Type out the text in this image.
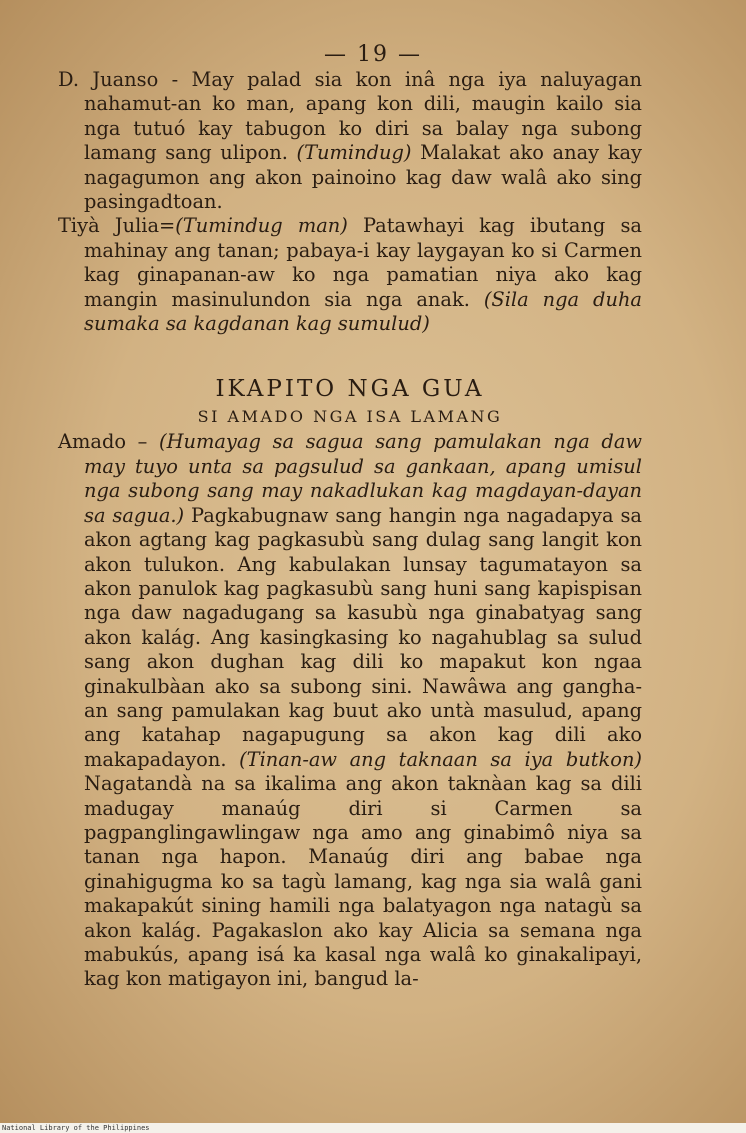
— 19 —

D. Juanso - May palad sia kon inâ nga iya naluyagan nahamut-an ko man, apang kon dili, maugin kailo sia nga tutuó kay tabugon ko diri sa balay nga subong lamang sang ulipon. (Tumindug) Malakat ako anay kay nagagumon ang akon painoino kag daw walâ ako sing pasingadtoan.

Tiyà Julia=(Tumindug man) Patawhayi kag ibutang sa mahinay ang tanan; pabaya-i kay laygayan ko si Carmen kag ginapanan-aw ko nga pamatian niya ako kag mangin masinulundon sia nga anak. (Sila nga duha sumaka sa kagdanan kag sumulud)

IKAPITO NGA GUA

SI AMADO NGA ISA LAMANG

Amado – (Humayag sa sagua sang pamulakan nga daw may tuyo unta sa pagsulud sa gankaan, apang umisul nga subong sang may nakadlukan kag magdayan-dayan sa sagua.) Pagkabugnaw sang hangin nga nagadapya sa akon agtang kag pagkasubù sang dulag sang langit kon akon tulukon. Ang kabulakan lunsay tagumatayon sa akon panulok kag pagkasubù sang huni sang kapispisan nga daw nagadugang sa kasubù nga ginabatyag sang akon kalág. Ang kasingkasing ko nagahublag sa sulud sang akon dughan kag dili ko mapakut kon ngaa ginakulbàan ako sa subong sini. Nawâwa ang gangha-an sang pamulakan kag buut ako untà masulud, apang ang katahap nagapugung sa akon kag dili ako makapadayon. (Tinan-aw ang taknaan sa iya butkon) Nagatandà na sa ikalima ang akon taknàan kag sa dili madugay manaúg diri si Carmen sa pagpanglingawlingaw nga amo ang ginabimô niya sa tanan nga hapon. Manaúg diri ang babae nga ginahigugma ko sa tagù lamang, kag nga sia walâ gani makapakút sining hamili nga balatyagon nga natagù sa akon kalág. Pagakaslon ako kay Alicia sa semana nga mabukús, apang isá ka kasal nga walâ ko ginakalipayi, kag kon matigayon ini, bangud la-

National Library of the Philippines
